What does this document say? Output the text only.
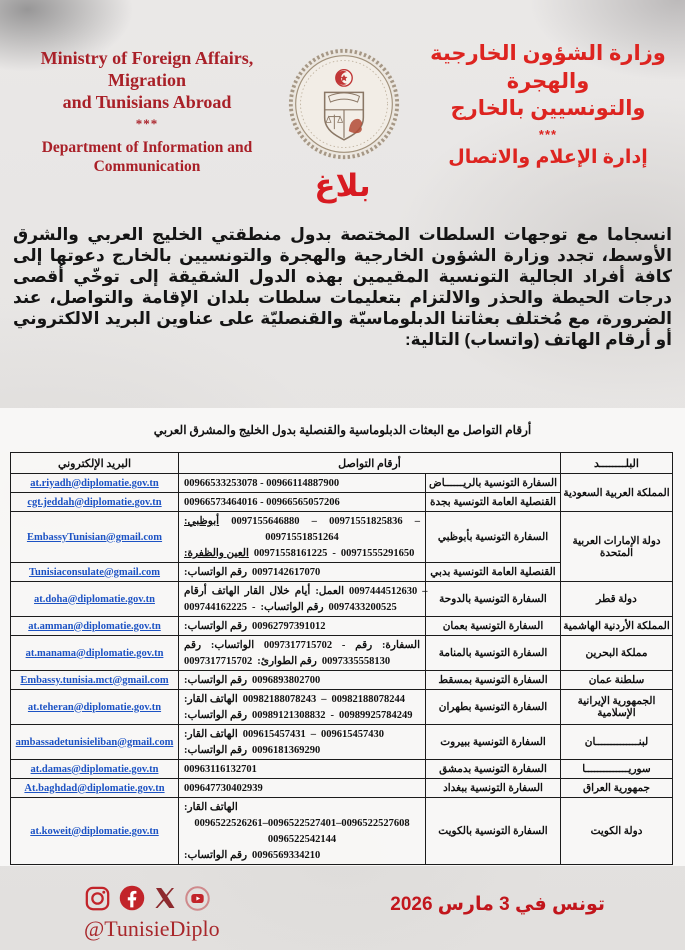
Ministry of Foreign Affairs,
Migration
and Tunisians Abroad
***
Department of Information and Communication
وزارة الشؤون الخارجية
والهجرة
والتونسيين بالخارج
***
إدارة الإعلام والاتصال
بلاغ
انسجاما مع توجهات السلطات المختصة بدول منطقتي الخليج العربي والشرق الأوسط، تجدد وزارة الشؤون الخارجية والهجرة والتونسيين بالخارج دعوتها إلى كافة أفراد الجالية التونسية المقيمين بهذه الدول الشقيقة إلى توخّي أقصى درجات الحيطة والحذر والالتزام بتعليمات سلطات بلدان الإقامة والتواصل، عند الضرورة، مع مُختلف بعثاتنا الدبلوماسيّة والقنصليّة على عناوين البريد الالكتروني أو أرقام الهاتف (واتساب) التالية:
أرقام التواصل مع البعثات الدبلوماسية والقنصلية بدول الخليج والمشرق العربي
البلــــــــد	أرقام التواصل		البريد الإلكتروني
المملكة العربية السعودية	السفارة التونسية بالريــــــاض	00966533253078 - 00966114887900	at.riyadh@diplomatie.gov.tn
	القنصلية العامة التونسية بجدة	00966573464016 - 00966565057206	cgt.jeddah@diplomatie.gov.tn
دولة الإمارات العربية المتحدة	السفارة التونسية بأبوظبي	
أبوظبي: 0097155646880 – 00971551825836 –
00971551851264
العين والظفرة: 00971558161225 - 00971555291650
	EmbassyTunisian@gmail.com
	القنصلية العامة التونسية بدبي	رقم الواتساب: 0097142617070	Tunisiaconsulate@gmail.com
دولة قطر	السفارة التونسية بالدوحة	
أرقام الهاتف القار خلال أيام العمل: 0097444512630 –
009744162225 - رقم الواتساب: 0097433200525
	at.doha@diplomatie.gov.tn
المملكة الأردنية الهاشمية	السفارة التونسية بعمان	رقم الواتساب: 00962797391012	at.amman@diplomatie.gov.tn
مملكة البحرين	السفارة التونسية بالمنامة	
رقم الواتساب: 0097317715702 - رقم السفارة:
0097317715702 رقم الطوارئ: 0097335558130
	at.manama@diplomatie.gov.tn
سلطنة عمان	السفارة التونسية بمسقط	رقم الواتساب: 0096893802700	Embassy.tunisia.mct@gmail.com
الجمهورية الإيرانية الإسلامية	السفارة التونسية بطهران	
الهاتف القار: 00982188078243 – 00982188078244
رقم الواتساب: 00989121308832 - 00989925784249
	at.teheran@diplomatie.gov.tn
لبنــــــــــــــان	السفارة التونسية ببيروت	
الهاتف القار: 009615457431 – 009615457430
رقم الواتساب: 0096181369290
	ambassadetunisieliban@gmail.com
سوريــــــــــــــا	السفارة التونسية بدمشق	00963116132701	at.damas@diplomatie.gov.tn
جمهورية العراق	السفارة التونسية ببغداد	009647730402939	At.baghdad@diplomatie.gov.tn
دولة الكويت	السفارة التونسية بالكويت	الهاتف القار:
0096522526261–0096522527401–0096522527608
0096522542144
رقم الواتساب: 0096569334210	at.koweit@diplomatie.gov.tn
@TunisieDiplo
تونس في 3 مارس 2026
